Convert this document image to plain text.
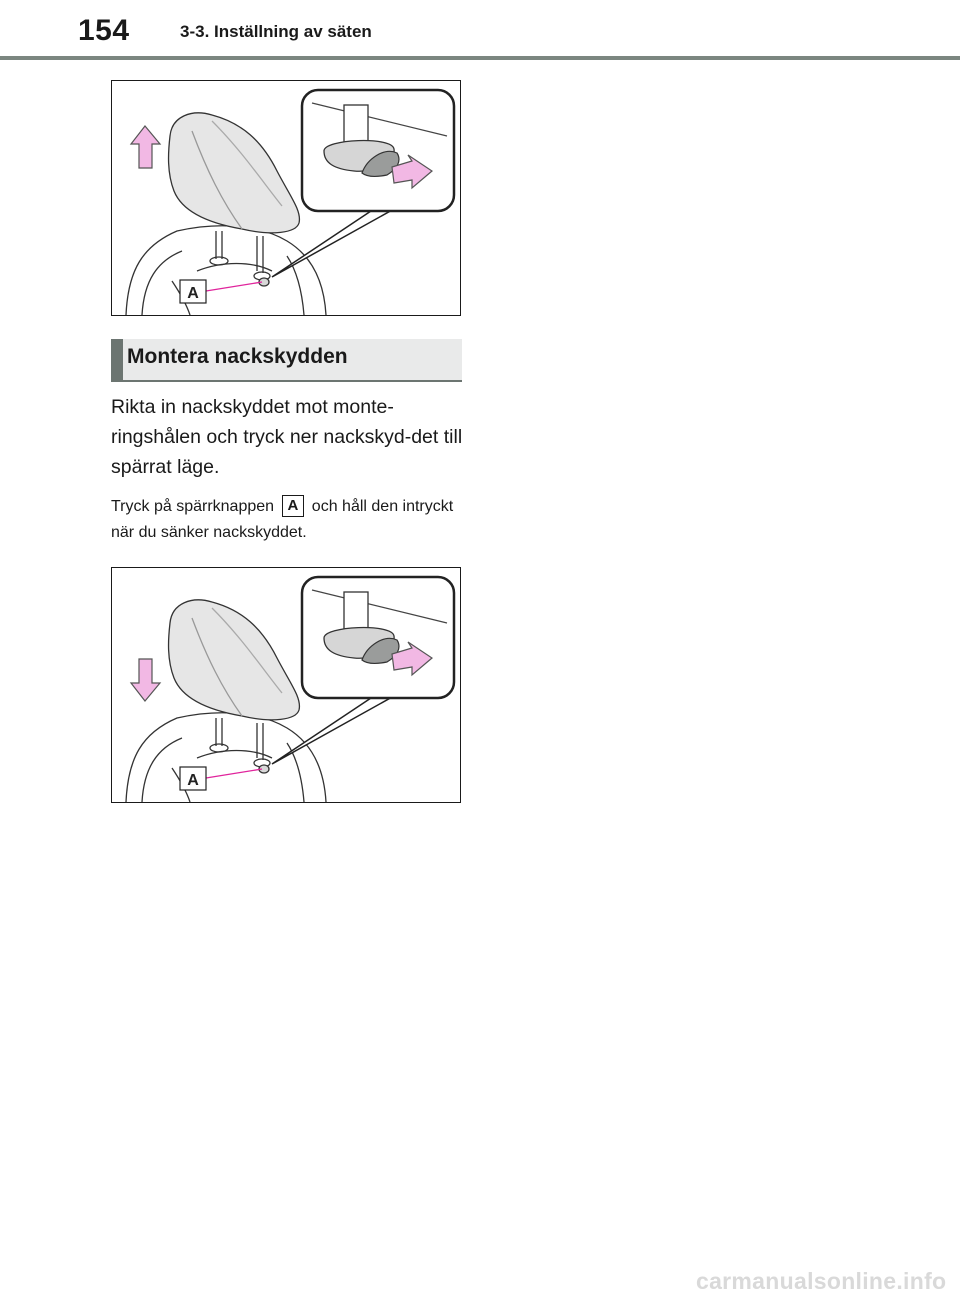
154	3-3. Inställning av säten
A
Montera nackskydden

Rikta in nackskyddet mot monte-ringshålen och tryck ner nackskyd-det till spärrat läge.

Tryck på spärrknappen A och håll den intryckt när du sänker nackskyddet.

A
carmanualsonline.info
